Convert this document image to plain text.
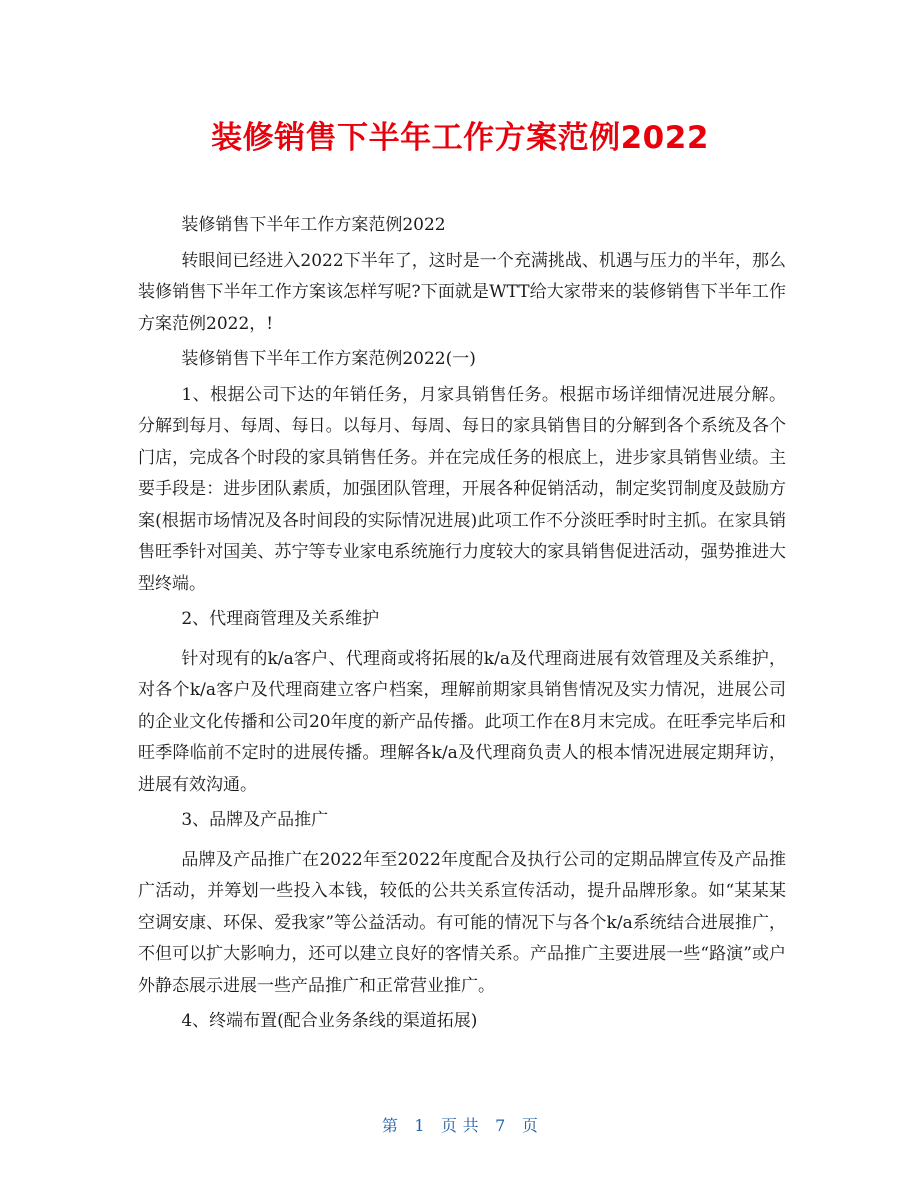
装修销售下半年工作方案范例2022

装修销售下半年工作方案范例2022

转眼间已经进入2022下半年了，这时是一个充满挑战、机遇与压力的半年，那么装修销售下半年工作方案该怎样写呢?下面就是WTT给大家带来的装修销售下半年工作方案范例2022，!

装修销售下半年工作方案范例2022(一)

1、根据公司下达的年销任务，月家具销售任务。根据市场详细情况进展分解。分解到每月、每周、每日。以每月、每周、每日的家具销售目的分解到各个系统及各个门店，完成各个时段的家具销售任务。并在完成任务的根底上，进步家具销售业绩。主要手段是：进步团队素质，加强团队管理，开展各种促销活动，制定奖罚制度及鼓励方案(根据市场情况及各时间段的实际情况进展)此项工作不分淡旺季时时主抓。在家具销售旺季针对国美、苏宁等专业家电系统施行力度较大的家具销售促进活动，强势推进大型终端。

2、代理商管理及关系维护

针对现有的k/a客户、代理商或将拓展的k/a及代理商进展有效管理及关系维护，对各个k/a客户及代理商建立客户档案，理解前期家具销售情况及实力情况，进展公司的企业文化传播和公司20年度的新产品传播。此项工作在8月末完成。在旺季完毕后和旺季降临前不定时的进展传播。理解各k/a及代理商负责人的根本情况进展定期拜访，进展有效沟通。

3、品牌及产品推广

品牌及产品推广在2022年至2022年度配合及执行公司的定期品牌宣传及产品推广活动，并筹划一些投入本钱，较低的公共关系宣传活动，提升品牌形象。如“某某某空调安康、环保、爱我家”等公益活动。有可能的情况下与各个k/a系统结合进展推广，不但可以扩大影响力，还可以建立良好的客情关系。产品推广主要进展一些“路演”或户外静态展示进展一些产品推广和正常营业推广。

4、终端布置(配合业务条线的渠道拓展)

第 1 页 共 7 页
